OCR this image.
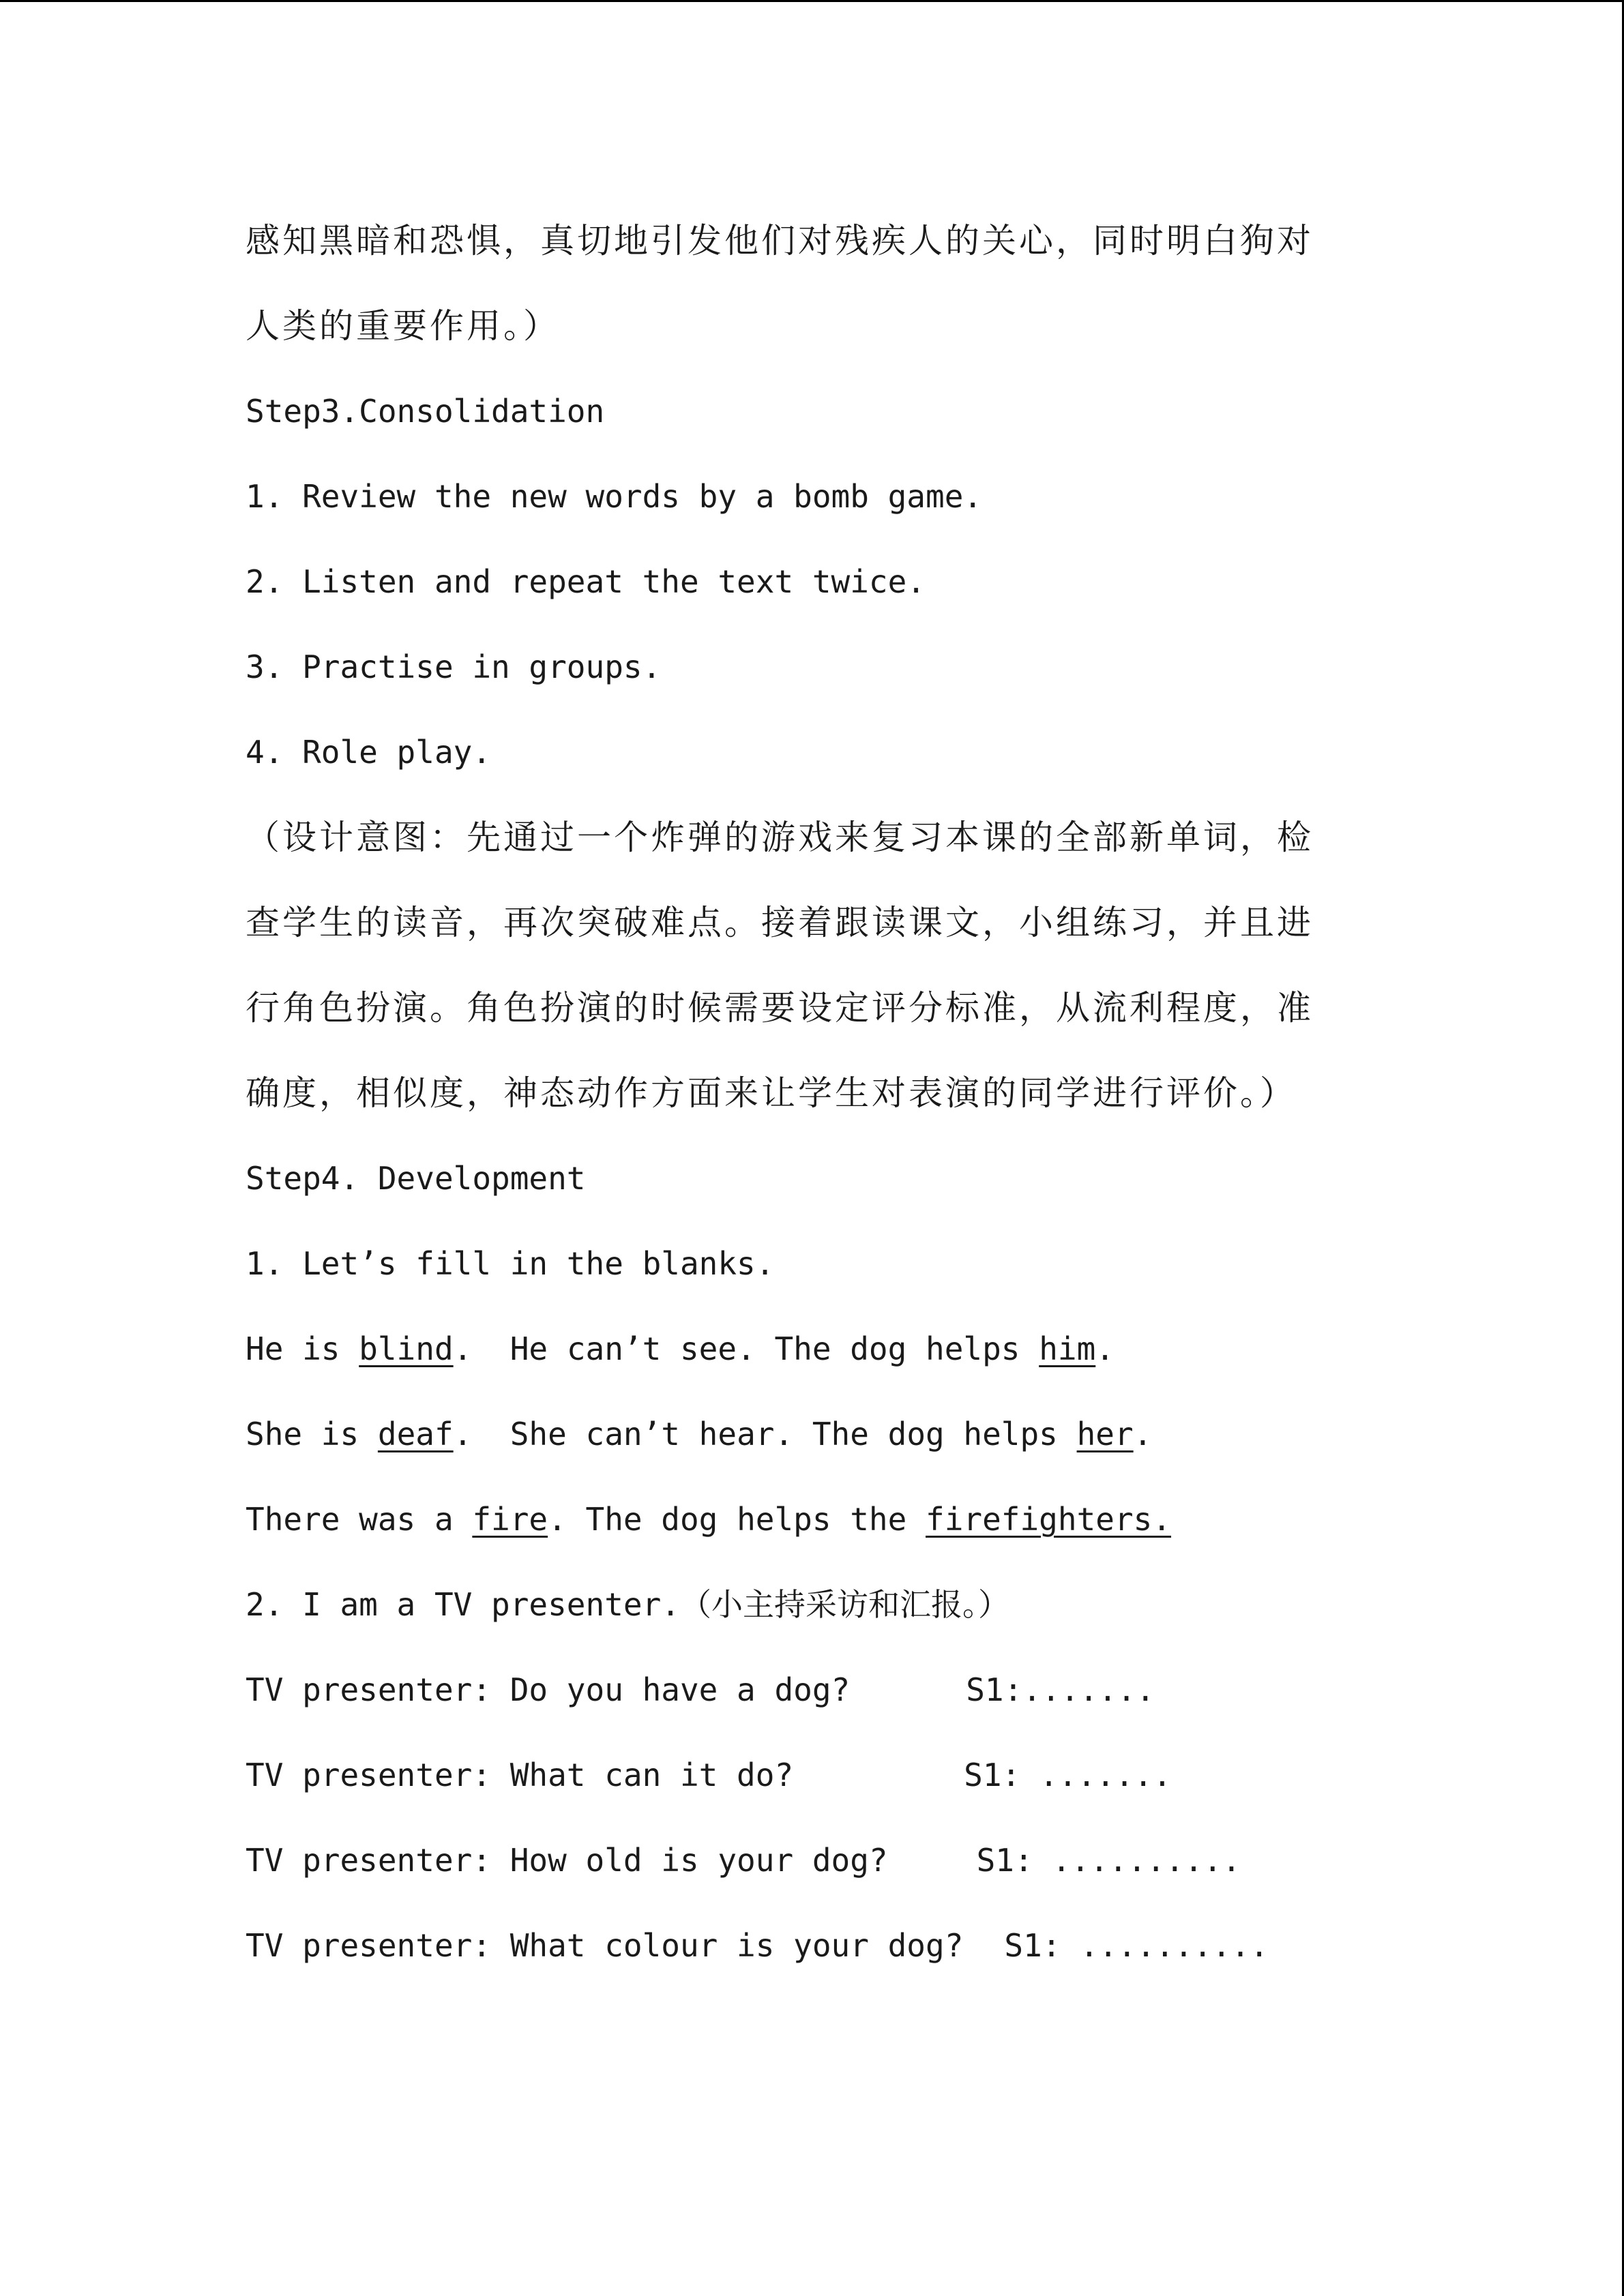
感知黑暗和恐惧，真切地引发他们对残疾人的关心，同时明白狗对
人类的重要作用。）
Step3.Consolidation
1. Review the new words by a bomb game.
2. Listen and repeat the text twice.
3. Practise in groups.
4. Role play.
（设计意图：先通过一个炸弹的游戏来复习本课的全部新单词，检
查学生的读音，再次突破难点。接着跟读课文，小组练习，并且进
行角色扮演。角色扮演的时候需要设定评分标准，从流利程度，准
确度，相似度，神态动作方面来让学生对表演的同学进行评价。）
Step4. Development
1. Let’s fill in the blanks.
He is blind.  He can’t see. The dog helps him.
She is deaf.  She can’t hear. The dog helps her.
There was a fire. The dog helps the firefighters.
2. I am a TV presenter.（小主持采访和汇报。）
TV presenter: Do you have a dog?	S1:.......
TV presenter: What can it do?	S1: .......
TV presenter: How old is your dog?	S1: ..........
TV presenter: What colour is your dog? S1: ..........
